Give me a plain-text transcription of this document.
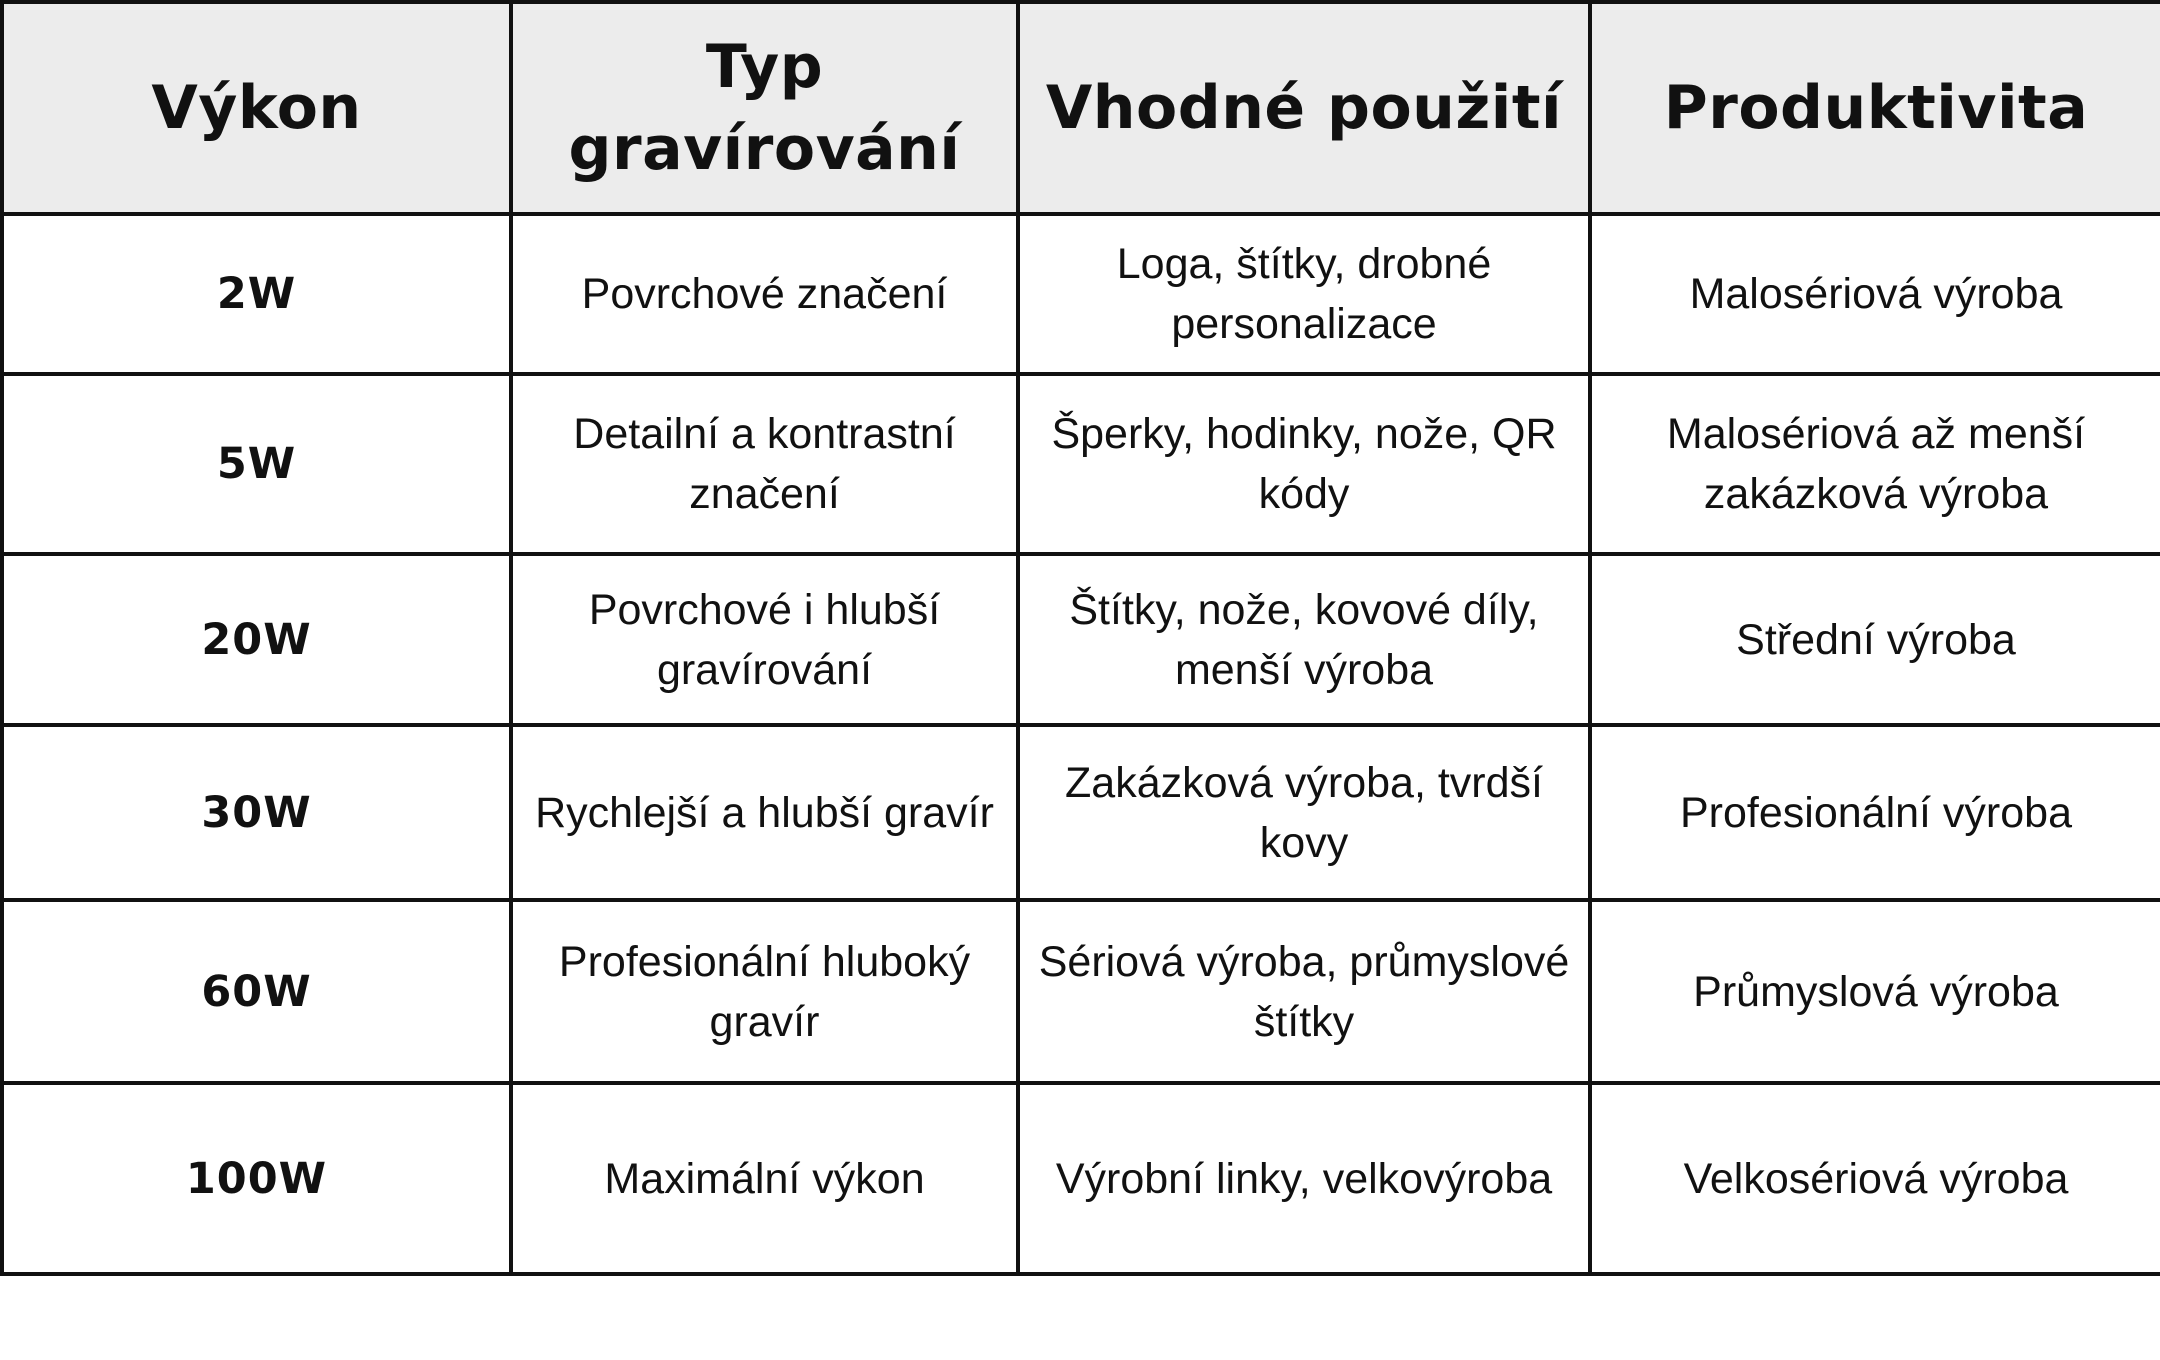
Výkon	Typ gravírování	Vhodné použití	Produktivita
2W	Povrchové značení	Loga, štítky, drobné personalizace	Malosériová výroba
5W	Detailní a kontrastní značení	Šperky, hodinky, nože, QR kódy	Malosériová až menší zakázková výroba
20W	Povrchové i hlubší gravírování	Štítky, nože, kovové díly, menší výroba	Střední výroba
30W	Rychlejší a hlubší gravír	Zakázková výroba, tvrdší kovy	Profesionální výroba
60W	Profesionální hluboký gravír	Sériová výroba, průmyslové štítky	Průmyslová výroba
100W	Maximální výkon	Výrobní linky, velkovýroba	Velkosériová výroba
